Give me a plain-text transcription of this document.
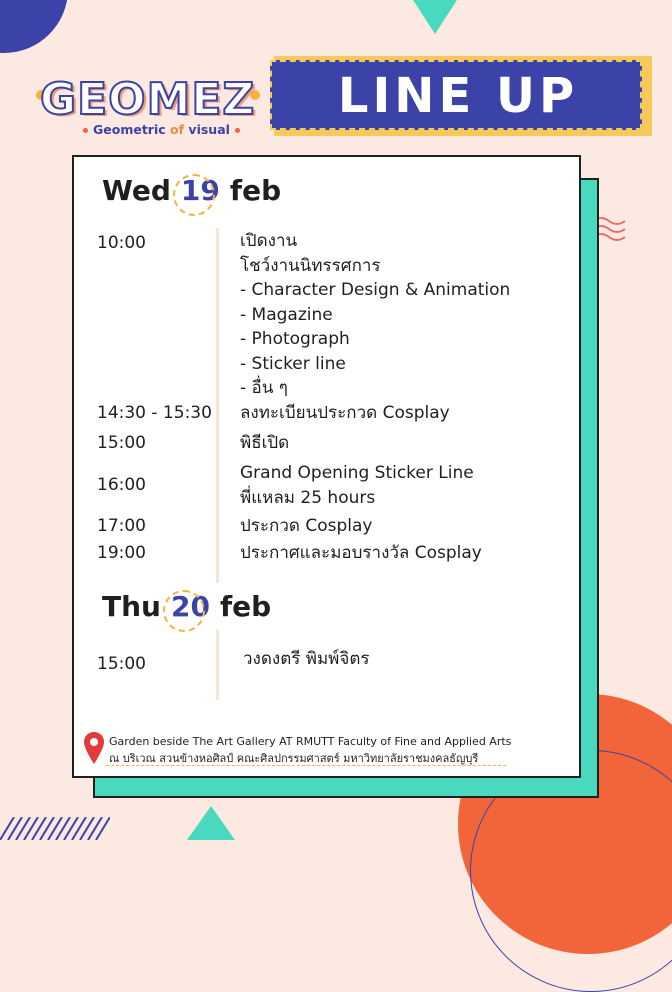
GEOMEZ
Geometric of visual
LINE UP
Wed 19 feb
10:00	เปิดงาน
โชว์งานนิทรรศการ
- Character Design & Animation
- Magazine
- Photograph
- Sticker line
- อื่น ๆ
14:30 - 15:30 ลงทะเบียนประกวด Cosplay
15:00	พิธีเปิด
16:00
Grand Opening Sticker Line
พี่แหลม 25 hours
17:00	ประกวด Cosplay
19:00	ประกาศและมอบรางวัล Cosplay
Thu 20 feb
15:00	วงดงตรี พิมพ์จิตร
Garden beside The Art Gallery AT RMUTT Faculty of Fine and Applied Arts
ณ บริเวณ สวนข้างหอศิลป์ คณะศิลปกรรมศาสตร์ มหาวิทยาลัยราชมงคลธัญบุรี
